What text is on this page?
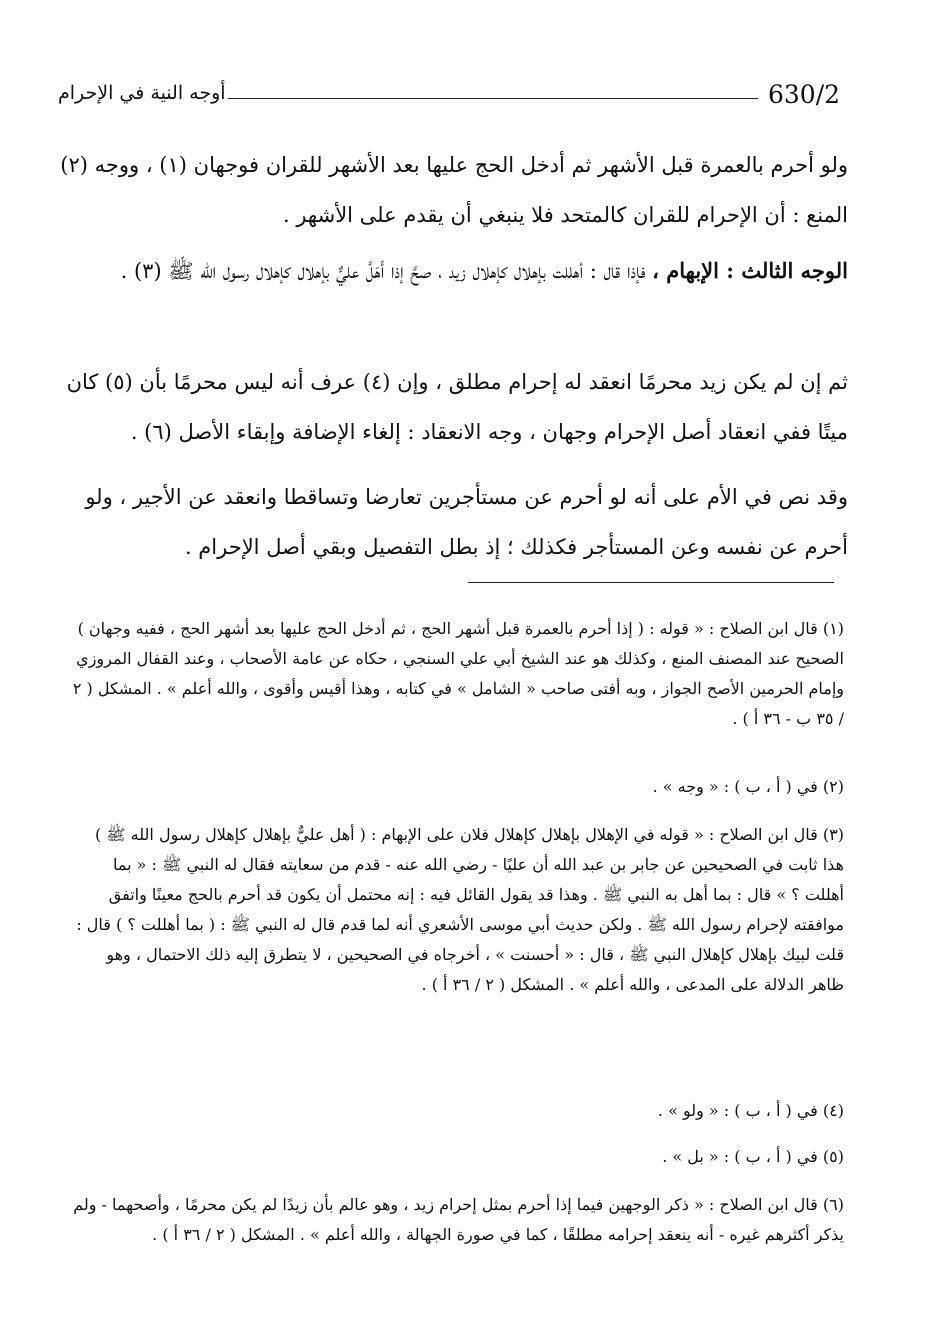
630/2
أوجه النية في الإحرام

ولو أحرم بالعمرة قبل الأشهر ثم أدخل الحج عليها بعد الأشهر للقران فوجهان (١) ، ووجه (٢) المنع : أن الإحرام للقران كالمتحد فلا ينبغي أن يقدم على الأشهر .

الوجه الثالث : الإبهام ، فإذا قال : أهللت بإهلال كإهلال زيد ، صحَّ إذا أَهَلَّ عليٌّ بإهلال كإهلال رسول الله ﷺ (٣) .

ثم إن لم يكن زيد محرمًا انعقد له إحرام مطلق ، وإن (٤) عرف أنه ليس محرمًا بأن (٥) كان ميتًا ففي انعقاد أصل الإحرام وجهان ، وجه الانعقاد : إلغاء الإضافة وإبقاء الأصل (٦) .

وقد نص في الأم على أنه لو أحرم عن مستأجرين تعارضا وتساقطا وانعقد عن الأجير ، ولو أحرم عن نفسه وعن المستأجر فكذلك ؛ إذ بطل التفصيل وبقي أصل الإحرام .

(١) قال ابن الصلاح : « قوله : ( إذا أحرم بالعمرة قبل أشهر الحج ، ثم أدخل الحج عليها بعد أشهر الحج ، ففيه وجهان ) الصحيح عند المصنف المنع ، وكذلك هو عند الشيخ أبي علي السنجي ، حكاه عن عامة الأصحاب ، وعند القفال المروزي وإمام الحرمين الأصح الجواز ، وبه أفتى صاحب « الشامل » في كتابه ، وهذا أقيس وأقوى ، والله أعلم » . المشكل ( ٢ / ٣٥ ب - ٣٦ أ ) .

(٢) في ( أ ، ب ) : « وجه » .

(٣) قال ابن الصلاح : « قوله في الإهلال بإهلال كإهلال فلان على الإبهام : ( أهل عليٌّ بإهلال كإهلال رسول الله ﷺ ) هذا ثابت في الصحيحين عن جابر بن عبد الله أن عليًا - رضي الله عنه - قدم من سعايته فقال له النبي ﷺ : « بما أهللت ؟ » قال : بما أهل به النبي ﷺ . وهذا قد يقول القائل فيه : إنه محتمل أن يكون قد أحرم بالحج معينًا واتفق موافقته لإحرام رسول الله ﷺ . ولكن حديث أبي موسى الأشعري أنه لما قدم قال له النبي ﷺ : ( بما أهللت ؟ ) قال : قلت لبيك بإهلال كإهلال النبي ﷺ ، قال : « أحسنت » ، أخرجاه في الصحيحين ، لا يتطرق إليه ذلك الاحتمال ، وهو ظاهر الدلالة على المدعى ، والله أعلم » . المشكل ( ٢ / ٣٦ أ ) .

(٤) في ( أ ، ب ) : « ولو » .

(٥) في ( أ ، ب ) : « بل » .

(٦) قال ابن الصلاح : « ذكر الوجهين فيما إذا أحرم بمثل إحرام زيد ، وهو عالم بأن زيدًا لم يكن محرمًا ، وأصحهما - ولم يذكر أكثرهم غيره - أنه ينعقد إحرامه مطلقًا ، كما في صورة الجهالة ، والله أعلم » . المشكل ( ٢ / ٣٦ أ ) .
